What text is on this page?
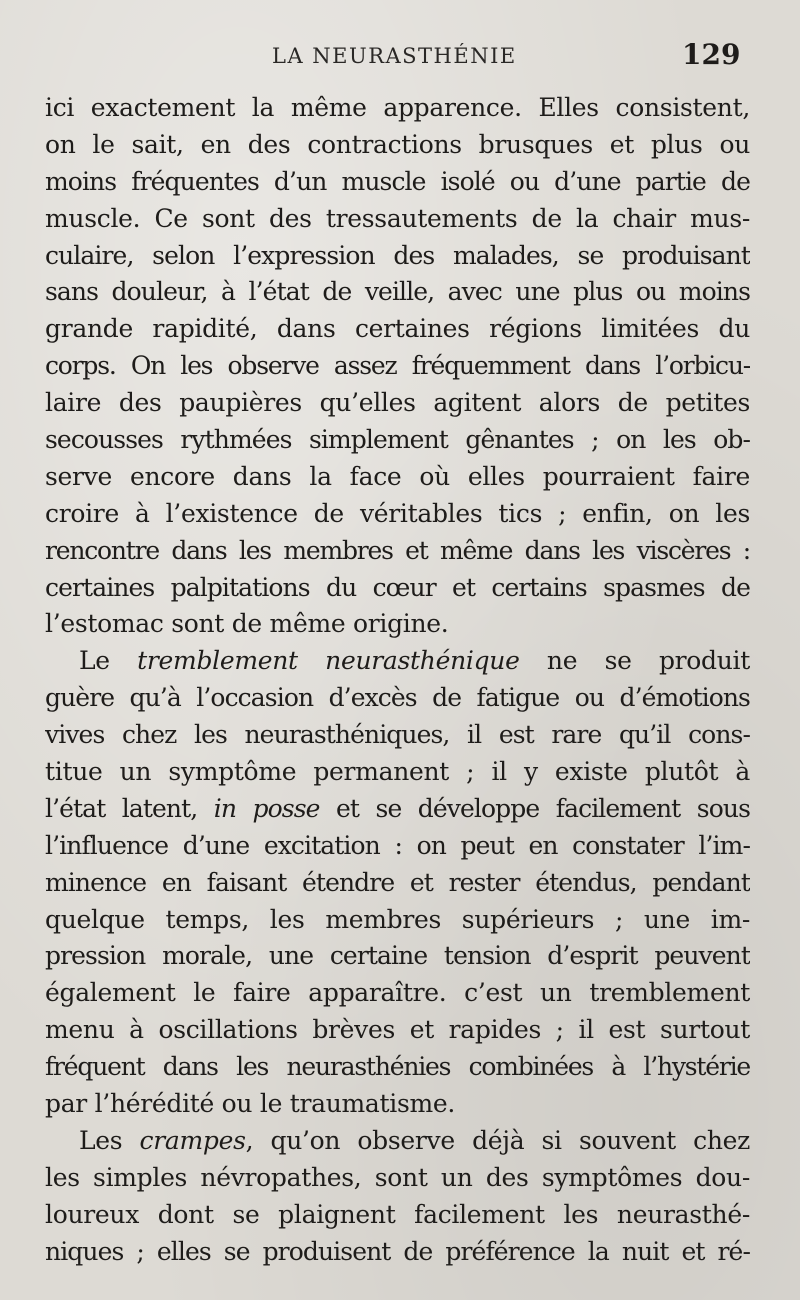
LA NEURASTHÉNIE	129
ici exactement la même apparence. Elles consistent,
on le sait, en des contractions brusques et plus ou
moins fréquentes d’un muscle isolé ou d’une partie de
muscle. Ce sont des tressautements de la chair mus-
culaire, selon l’expression des malades, se produisant
sans douleur, à l’état de veille, avec une plus ou moins
grande rapidité, dans certaines régions limitées du
corps. On les observe assez fréquemment dans l’orbicu-
laire des paupières qu’elles agitent alors de petites
secousses rythmées simplement gênantes ; on les ob-
serve encore dans la face où elles pourraient faire
croire à l’existence de véritables tics ; enfin, on les
rencontre dans les membres et même dans les viscères :
certaines palpitations du cœur et certains spasmes de
l’estomac sont de même origine.
Le tremblement neurasthénique ne se produit
guère qu’à l’occasion d’excès de fatigue ou d’émotions
vives chez les neurasthéniques, il est rare qu’il cons-
titue un symptôme permanent ; il y existe plutôt à
l’état latent, in posse et se développe facilement sous
l’influence d’une excitation : on peut en constater l’im-
minence en faisant étendre et rester étendus, pendant
quelque temps, les membres supérieurs ; une im-
pression morale, une certaine tension d’esprit peuvent
également le faire apparaître. c’est un tremblement
menu à oscillations brèves et rapides ; il est surtout
fréquent dans les neurasthénies combinées à l’hystérie
par l’hérédité ou le traumatisme.
Les crampes, qu’on observe déjà si souvent chez
les simples névropathes, sont un des symptômes dou-
loureux dont se plaignent facilement les neurasthé-
niques ; elles se produisent de préférence la nuit et ré-
